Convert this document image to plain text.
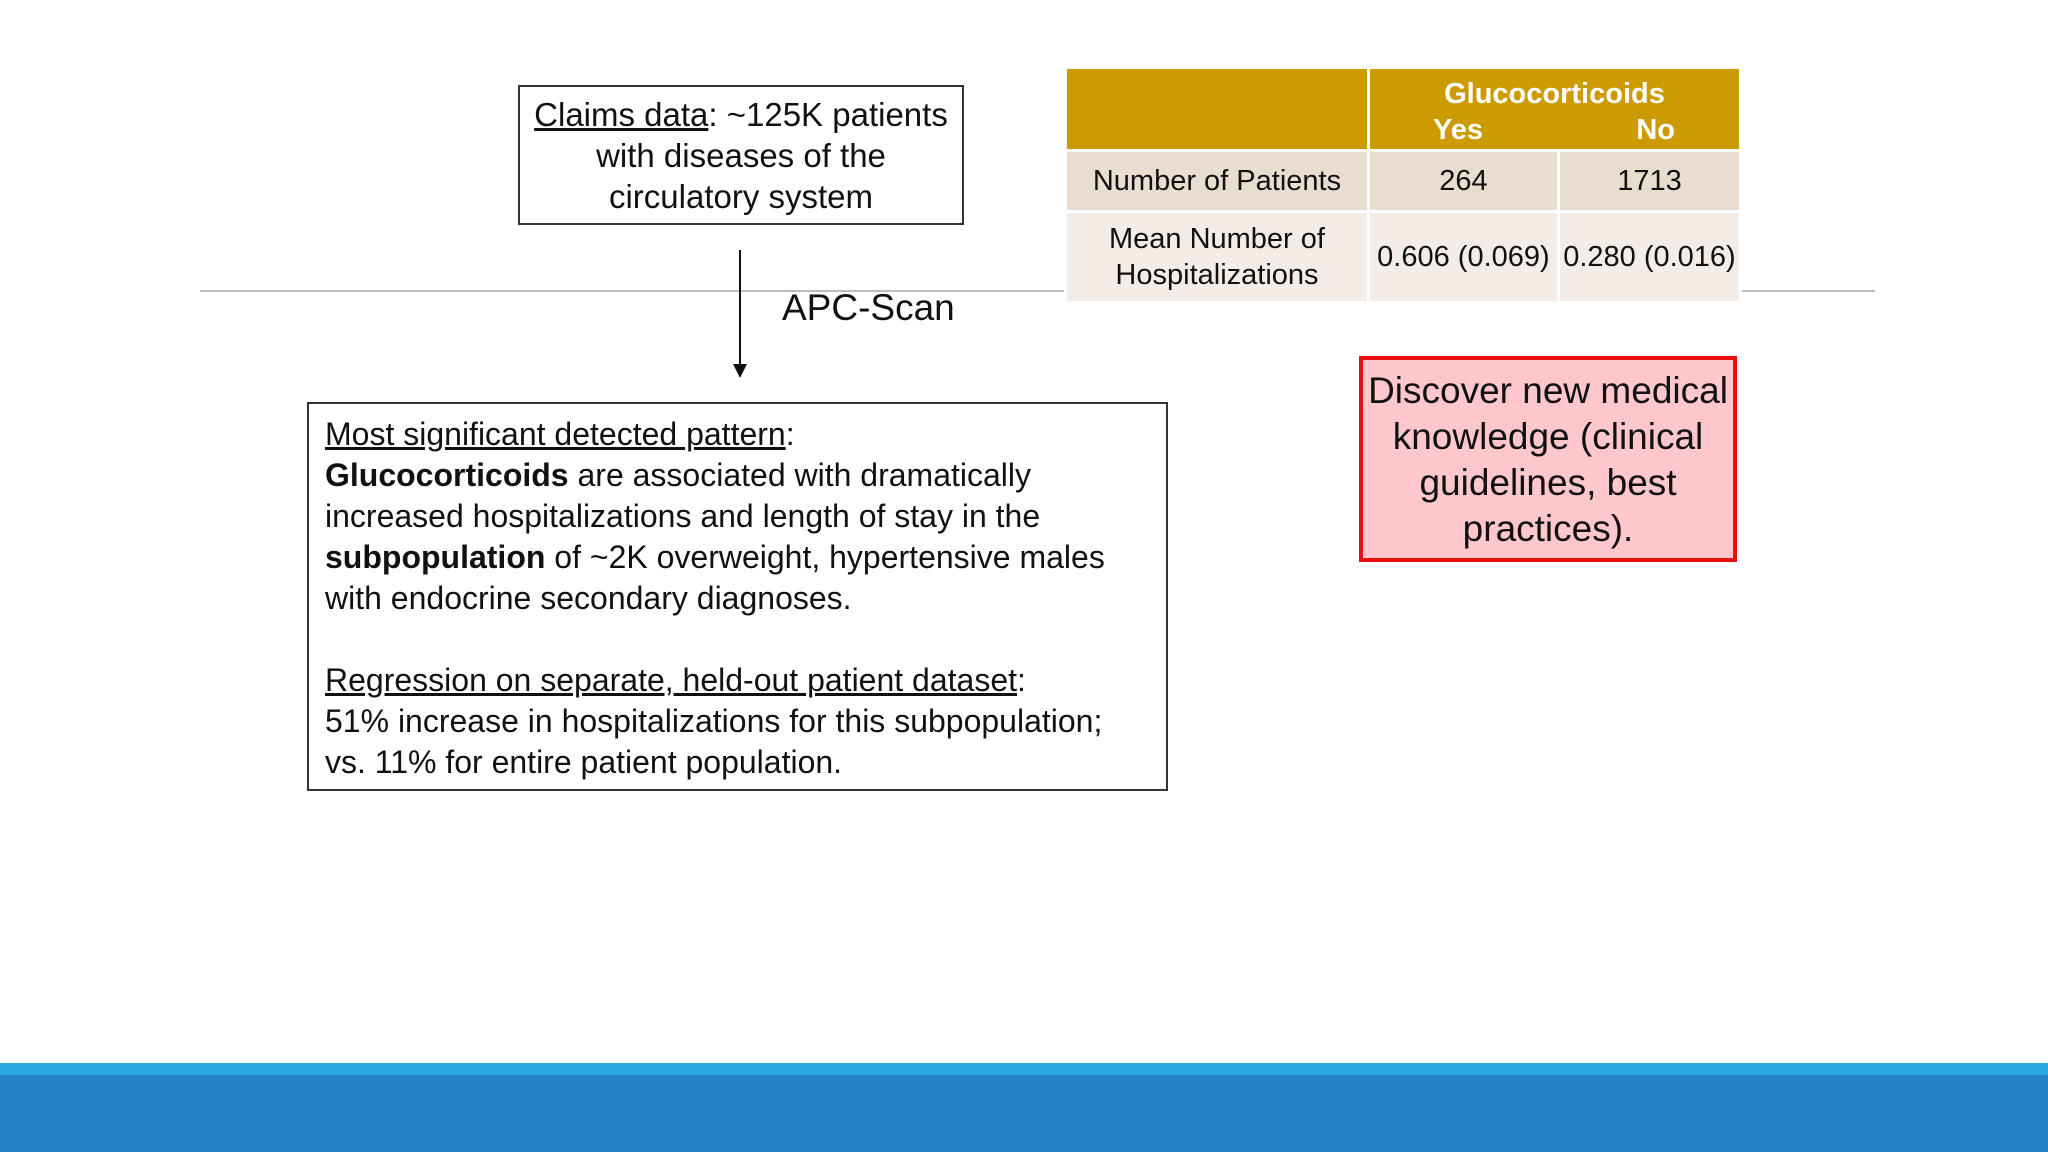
Claims data: ~125K patients with diseases of the circulatory system
APC-Scan

Most significant detected pattern:
Glucocorticoids are associated with dramatically increased hospitalizations and length of stay in the subpopulation of ~2K overweight, hypertensive males with endocrine secondary diagnoses.

Regression on separate, held-out patient dataset:
51% increase in hospitalizations for this subpopulation; vs. 11% for entire patient population.

	Glucocorticoids
Yes No	

Number of Patients	264	1713
Mean Number of Hospitalizations	0.606 (0.069)	0.280 (0.016)
Discover new medical knowledge (clinical guidelines, best practices).
